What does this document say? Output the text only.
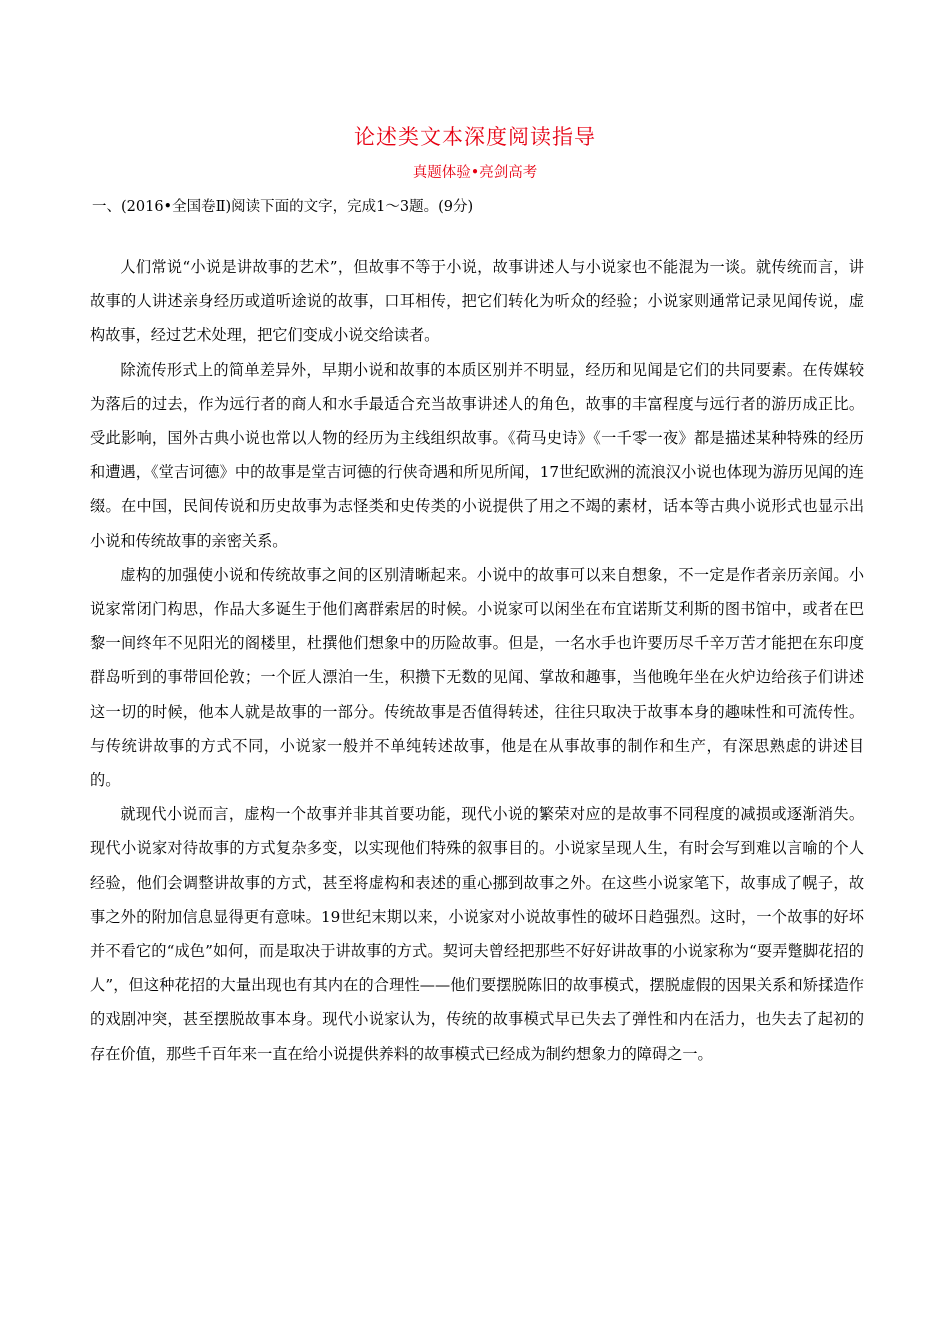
论述类文本深度阅读指导
真题体验•亮剑高考
一、(2016•全国卷Ⅱ)阅读下面的文字，完成1～3题。(9分)

人们常说“小说是讲故事的艺术”，但故事不等于小说，故事讲述人与小说家也不能混为一谈。就传统而言，讲故事的人讲述亲身经历或道听途说的故事，口耳相传，把它们转化为听众的经验；小说家则通常记录见闻传说，虚构故事，经过艺术处理，把它们变成小说交给读者。

除流传形式上的简单差异外，早期小说和故事的本质区别并不明显，经历和见闻是它们的共同要素。在传媒较为落后的过去，作为远行者的商人和水手最适合充当故事讲述人的角色，故事的丰富程度与远行者的游历成正比。受此影响，国外古典小说也常以人物的经历为主线组织故事。《荷马史诗》《一千零一夜》都是描述某种特殊的经历和遭遇，《堂吉诃德》中的故事是堂吉诃德的行侠奇遇和所见所闻，17世纪欧洲的流浪汉小说也体现为游历见闻的连缀。在中国，民间传说和历史故事为志怪类和史传类的小说提供了用之不竭的素材，话本等古典小说形式也显示出小说和传统故事的亲密关系。

虚构的加强使小说和传统故事之间的区别清晰起来。小说中的故事可以来自想象，不一定是作者亲历亲闻。小说家常闭门构思，作品大多诞生于他们离群索居的时候。小说家可以闲坐在布宜诺斯艾利斯的图书馆中，或者在巴黎一间终年不见阳光的阁楼里，杜撰他们想象中的历险故事。但是，一名水手也许要历尽千辛万苦才能把在东印度群岛听到的事带回伦敦；一个匠人漂泊一生，积攒下无数的见闻、掌故和趣事，当他晚年坐在火炉边给孩子们讲述这一切的时候，他本人就是故事的一部分。传统故事是否值得转述，往往只取决于故事本身的趣味性和可流传性。与传统讲故事的方式不同，小说家一般并不单纯转述故事，他是在从事故事的制作和生产，有深思熟虑的讲述目的。

就现代小说而言，虚构一个故事并非其首要功能，现代小说的繁荣对应的是故事不同程度的减损或逐渐消失。现代小说家对待故事的方式复杂多变，以实现他们特殊的叙事目的。小说家呈现人生，有时会写到难以言喻的个人经验，他们会调整讲故事的方式，甚至将虚构和表述的重心挪到故事之外。在这些小说家笔下，故事成了幌子，故事之外的附加信息显得更有意味。19世纪末期以来，小说家对小说故事性的破坏日趋强烈。这时，一个故事的好坏并不看它的“成色”如何，而是取决于讲故事的方式。契诃夫曾经把那些不好好讲故事的小说家称为“耍弄蹩脚花招的人”，但这种花招的大量出现也有其内在的合理性——他们要摆脱陈旧的故事模式，摆脱虚假的因果关系和矫揉造作的戏剧冲突，甚至摆脱故事本身。现代小说家认为，传统的故事模式早已失去了弹性和内在活力，也失去了起初的存在价值，那些千百年来一直在给小说提供养料的故事模式已经成为制约想象力的障碍之一。
